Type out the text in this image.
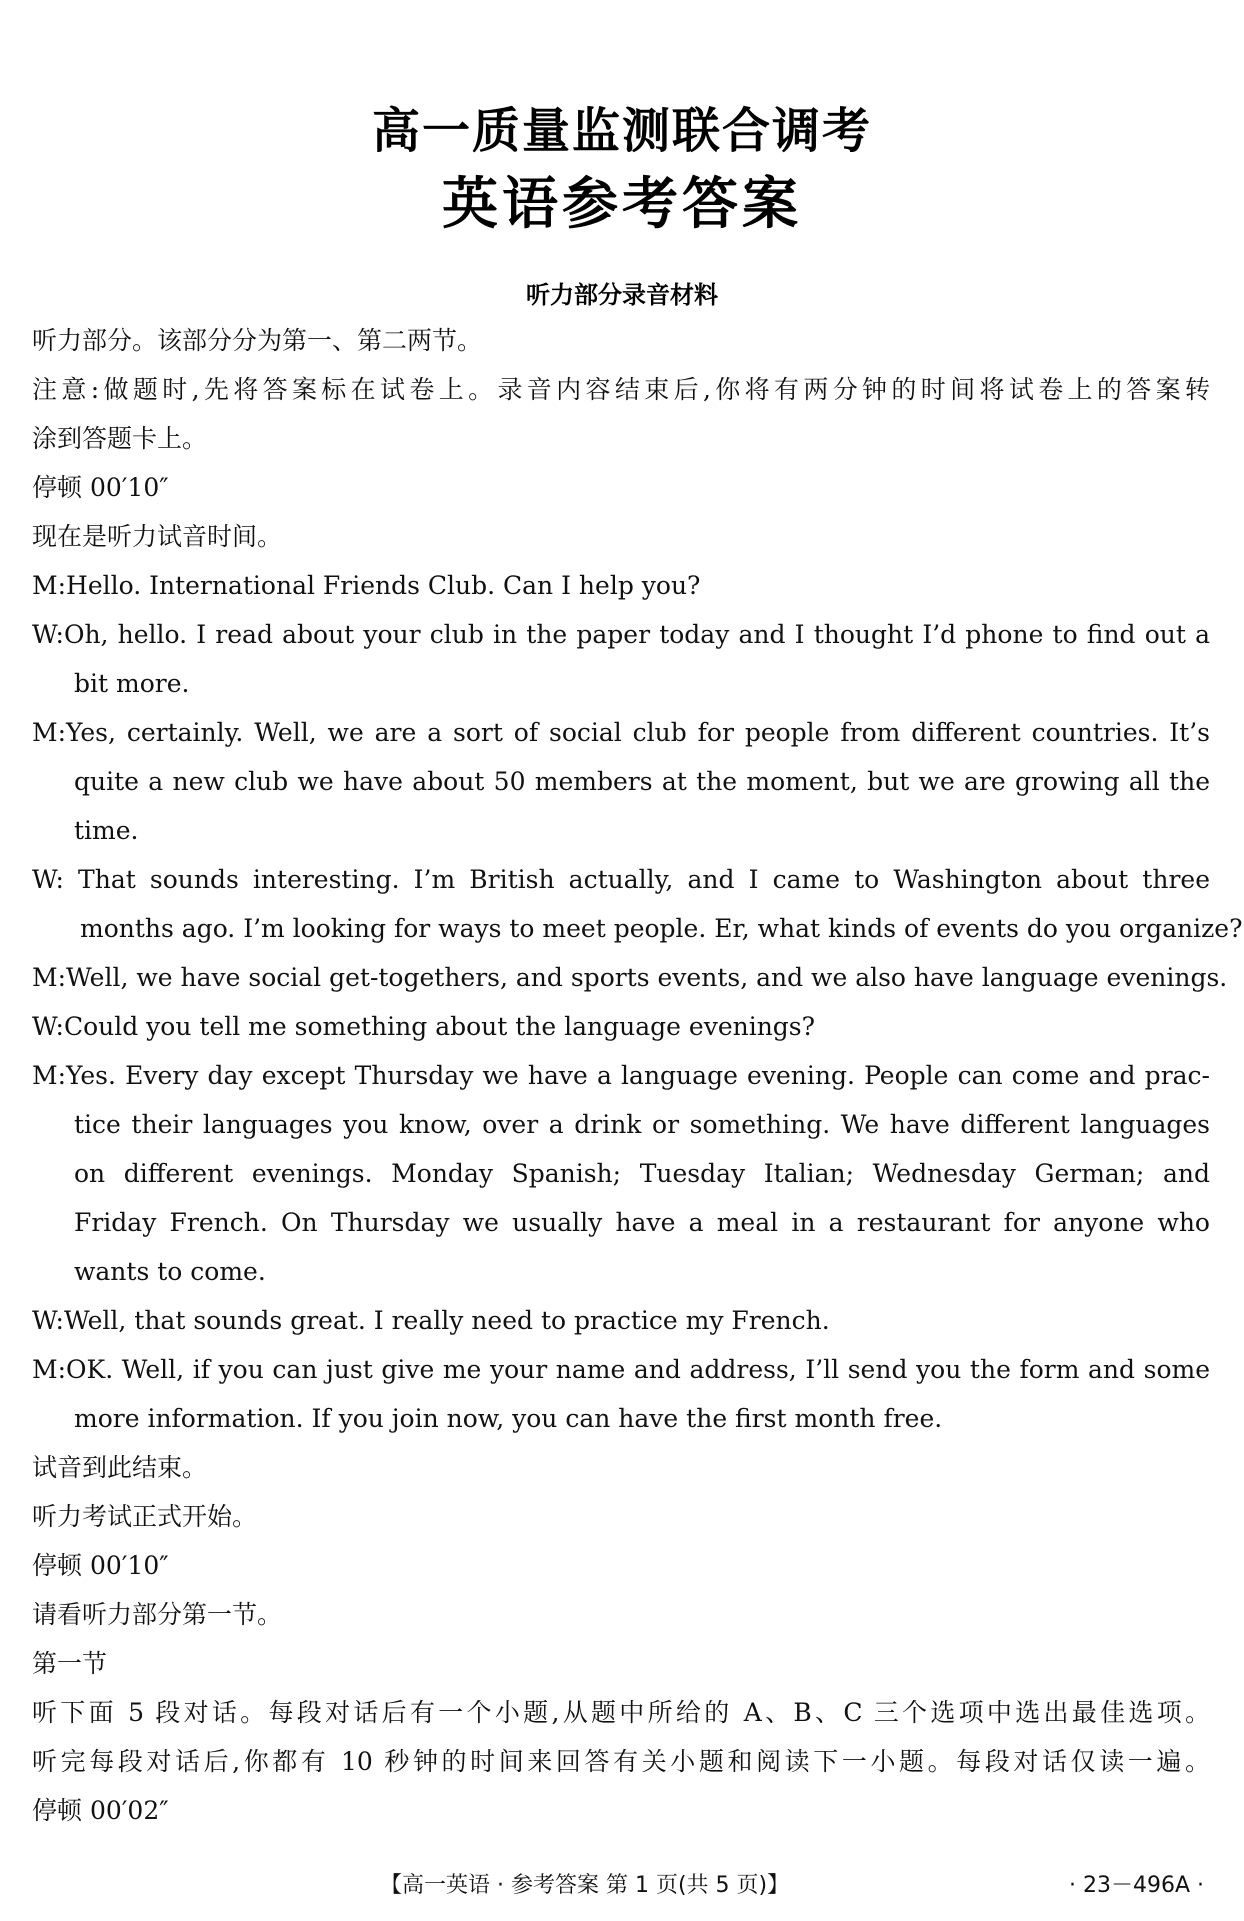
高一质量监测联合调考
英语参考答案
听力部分录音材料
听力部分。该部分分为第一、第二两节。
注意:做题时,先将答案标在试卷上。录音内容结束后,你将有两分钟的时间将试卷上的答案转
涂到答题卡上。
停顿 00′10″
现在是听力试音时间。
M:Hello. International Friends Club. Can I help you?
W:Oh, hello. I read about your club in the paper today and I thought I’d phone to find out a
bit more.
M:Yes, certainly. Well, we are a sort of social club for people from different countries. It’s
quite a new club we have about 50 members at the moment, but we are growing all the
time.
W: That sounds interesting. I’m British actually, and I came to Washington about three
months ago. I’m looking for ways to meet people. Er, what kinds of events do you organize?
M:Well, we have social get-togethers, and sports events, and we also have language evenings.
W:Could you tell me something about the language evenings?
M:Yes. Every day except Thursday we have a language evening. People can come and prac-
tice their languages you know, over a drink or something. We have different languages
on different evenings. Monday Spanish; Tuesday Italian; Wednesday German; and
Friday French. On Thursday we usually have a meal in a restaurant for anyone who
wants to come.
W:Well, that sounds great. I really need to practice my French.
M:OK. Well, if you can just give me your name and address, I’ll send you the form and some
more information. If you join now, you can have the first month free.
试音到此结束。
听力考试正式开始。
停顿 00′10″
请看听力部分第一节。
第一节
听下面 5 段对话。每段对话后有一个小题,从题中所给的 A、B、C 三个选项中选出最佳选项。
听完每段对话后,你都有 10 秒钟的时间来回答有关小题和阅读下一小题。每段对话仅读一遍。
停顿 00′02″
【高一英语 · 参考答案 第 1 页(共 5 页)】	· 23－496A ·
